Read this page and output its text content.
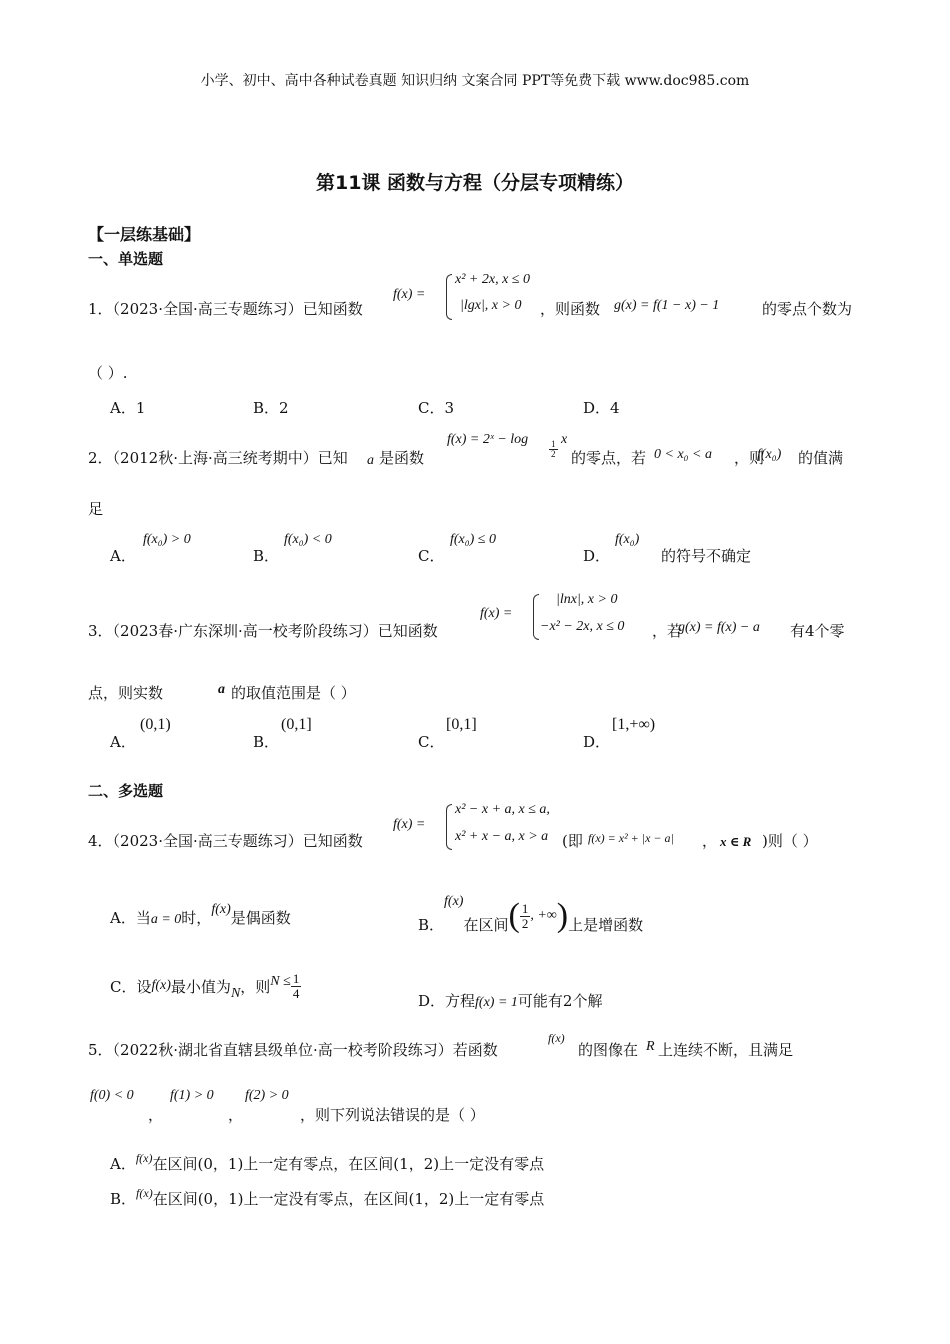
小学、初中、高中各种试卷真题 知识归纳 文案合同 PPT等免费下载 www.doc985.com
第11课 函数与方程（分层专项精练）
【一层练基础】
一、单选题
1．（2023·全国·高三专题练习）已知函数
f(x) =
x² + 2x, x ≤ 0
|lgx|, x > 0 ，则函数 g(x) = f(1 − x) − 1	的零点个数为
（ ）.
A．1	B．2	C．3	D．4
2．（2012秋·上海·高三统考期中）已知 a 是函数
f(x) = 2ˣ − log
$\frac{1}{2}$
x
的零点，若 0 < x₀ < a ，则
f(x₀) 的值满
足
A．
f(x₀) > 0
B．
f(x₀) < 0
C．
f(x₀) ≤ 0
D．
f(x₀)
的符号不确定
3．（2023春·广东深圳·高一校考阶段练习）已知函数
f(x) =
|lnx|, x > 0
−x² − 2x, x ≤ 0 ，若
g(x) = f(x) − a 有4个零
点，则实数	a 的取值范围是（ ）
A．
(0,1)
B．
(0,1]
C．
[0,1]
D．
[1,+∞)
二、多选题
4．（2023·全国·高三专题练习）已知函数
f(x) =
x² − x + a, x ≤ a,
x² + x − a, x > a (即 f(x) = x² + |x − a| ， x ∈ R )则（ ）
A．当a = 0时，f(x)是偶函数	B．
f(x)
在区间 ( $\frac{1}{2}$ , +∞ ) 上是增函数
C．设 f(x) 最小值为 N ，则 $N \le \frac{1}{4}$
D．方程f(x) = 1可能有2个解
5．（2022秋·湖北省直辖县级单位·高一校考阶段练习）若函数
f(x)
的图像在 R 上连续不断，且满足
f(0) < 0
，
f(1) > 0
，
f(2) > 0
，则下列说法错误的是（ ）
A．$^{f(x)}$在区间(0，1)上一定有零点，在区间(1，2)上一定没有零点
B．$^{f(x)}$在区间(0，1)上一定没有零点，在区间(1，2)上一定有零点
